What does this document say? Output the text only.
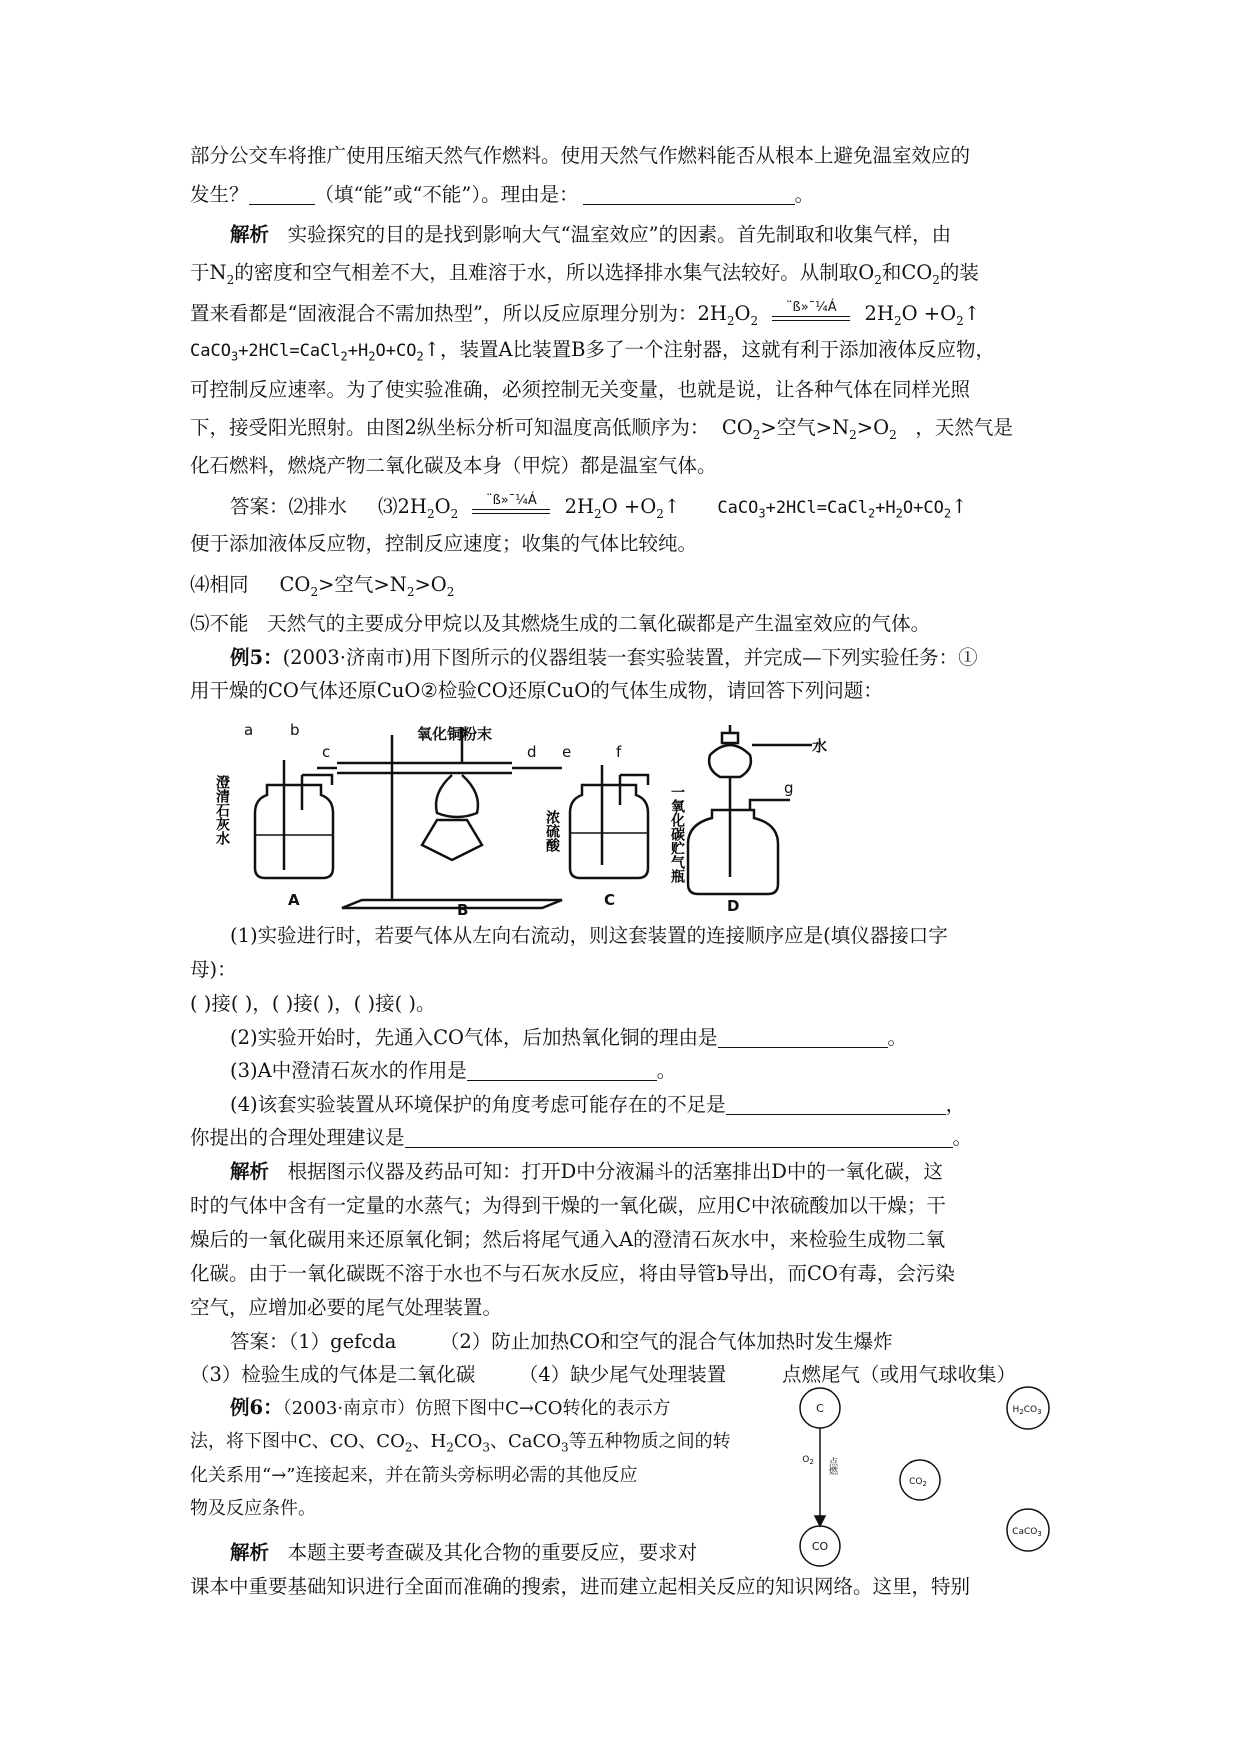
部分公交车将推广使用压缩天然气作燃料。使用天然气作燃料能否从根本上避免温室效应的
发生？	（填“能”或“不能”）。理由是：	。
解析 实验探究的目的是找到影响大气“温室效应”的因素。首先制取和收集气样，由
于$N_2$的密度和空气相差不大，且难溶于水，所以选择排水集气法较好。从制取$O_2$和$CO_2$的装
置来看都是“固液混合不需加热型”，所以反应原理分别为：$2H_2O_2$
¨ß»¯¼Á	$2H_2O$ $+O_2↑$
$CaCO_3+2HCl=CaCl_2+H_2O+CO_2↑$，装置A比装置B多了一个注射器，这就有利于添加液体反应物，
可控制反应速率。为了使实验准确，必须控制无关变量，也就是说，让各种气体在同样光照
下，接受阳光照射。由图2纵坐标分析可知温度高低顺序为： $CO_2>$空气$>N_2>O_2$ ，天然气是
化石燃料，燃烧产物二氧化碳及本身（甲烷）都是温室气体。
答案：⑵排水 $⑶2H_2O_2$
¨ß»¯¼Á	$2H_2O$ $+O_2↑$ $CaCO_3+2HCl=CaCl_2+H_2O+CO_2↑$
便于添加液体反应物，控制反应速度；收集的气体比较纯。
⑷相同 $CO_2>$空气$>N_2>O_2$
⑸不能 天然气的主要成分甲烷以及其燃烧生成的二氧化碳都是产生温室效应的气体。
例5：(2003·济南市)用下图所示的仪器组装一套实验装置，并完成—下列实验任务：①
用干燥的CO气体还原CuO②检验CO还原CuO的气体生成物，请回答下列问题：
a b
c	d e	f
g
氧化铜粉末
水
A
B
C	D
澄清石灰水	浓硫酸	一氧化碳贮气瓶
(1)实验进行时，若要气体从左向右流动，则这套装置的连接顺序应是(填仪器接口字
母)：
( )接( )，( )接( )，( )接( )。
(2)实验开始时，先通入CO气体，后加热氧化铜的理由是	。
(3)A中澄清石灰水的作用是	。
(4)该套实验装置从环境保护的角度考虑可能存在的不足是	，
你提出的合理处理建议是	。
解析 根据图示仪器及药品可知：打开D中分液漏斗的活塞排出D中的一氧化碳，这
时的气体中含有一定量的水蒸气；为得到干燥的一氧化碳，应用C中浓硫酸加以干燥；干
燥后的一氧化碳用来还原氧化铜；然后将尾气通入A的澄清石灰水中，来检验生成物二氧
化碳。由于一氧化碳既不溶于水也不与石灰水反应，将由导管b导出，而CO有毒，会污染
空气，应增加必要的尾气处理装置。
答案：（1）gefcda （2）防止加热CO和空气的混合气体加热时发生爆炸
（3）检验生成的气体是二氧化碳 （4）缺少尾气处理装置	点燃尾气（或用气球收集）
例6：（2003·南京市）仿照下图中C→CO转化的表示方
法，将下图中C、CO、$CO_2$、$H_2CO_3$、CaCO$_3$等五种物质之间的转
化关系用“→”连接起来，并在箭头旁标明必需的其他反应
物及反应条件。
C
CO
$CO_2$
$H_2CO_3$
CaCO$_3$
$O_2$ 点燃
解析 本题主要考查碳及其化合物的重要反应，要求对
课本中重要基础知识进行全面而准确的搜索，进而建立起相关反应的知识网络。这里，特别
